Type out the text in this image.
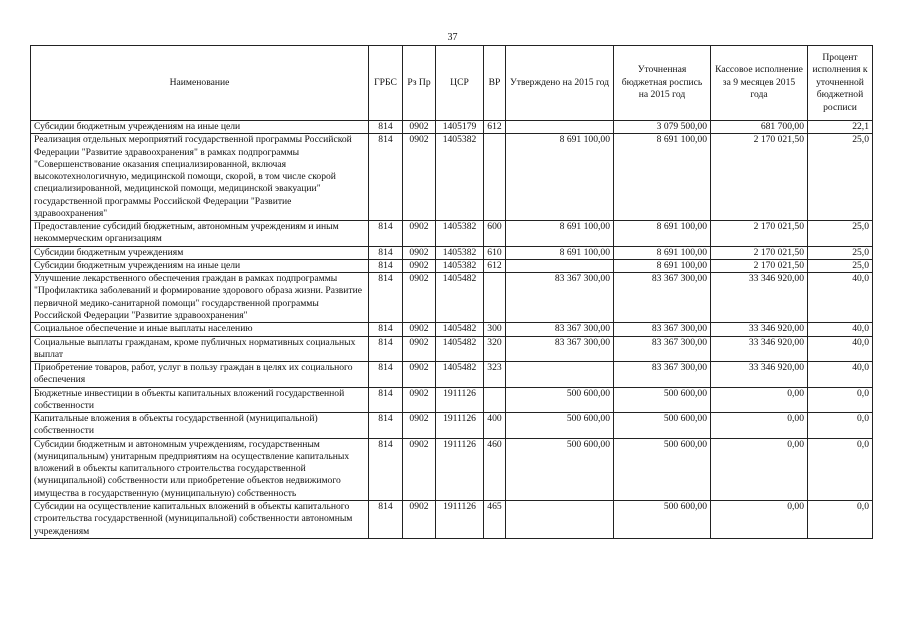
37
Наименование	ГРБС	Рз Пр	ЦСР	ВР	Утверждено на 2015 год	Уточненная бюджетная роспись на 2015 год	Кассовое исполнение за 9 месяцев 2015 года	Процент исполнения к уточненной бюджетной росписи
Субсидии бюджетным учреждениям на иные цели	814	0902	1405179	612		3 079 500,00	681 700,00	22,1
Реализация отдельных мероприятий государственной программы Российской Федерации "Развитие здравоохранения" в рамках подпрограммы "Совершенствование оказания специализированной, включая высокотехнологичную, медицинской помощи, скорой, в том числе скорой специализированной, медицинской помощи, медицинской эвакуации" государственной программы Российской Федерации "Развитие здравоохранения"	814	0902	1405382		8 691 100,00	8 691 100,00	2 170 021,50	25,0
Предоставление субсидий бюджетным, автономным учреждениям и иным некоммерческим организациям	814	0902	1405382	600	8 691 100,00	8 691 100,00	2 170 021,50	25,0
Субсидии бюджетным учреждениям	814	0902	1405382	610	8 691 100,00	8 691 100,00	2 170 021,50	25,0
Субсидии бюджетным учреждениям на иные цели	814	0902	1405382	612		8 691 100,00	2 170 021,50	25,0
Улучшение лекарственного обеспечения граждан в рамках подпрограммы "Профилактика заболеваний и формирование здорового образа жизни. Развитие первичной медико-санитарной помощи" государственной программы Российской Федерации "Развитие здравоохранения"	814	0902	1405482		83 367 300,00	83 367 300,00	33 346 920,00	40,0
Социальное обеспечение и иные выплаты населению	814	0902	1405482	300	83 367 300,00	83 367 300,00	33 346 920,00	40,0
Социальные выплаты гражданам, кроме публичных нормативных социальных выплат	814	0902	1405482	320	83 367 300,00	83 367 300,00	33 346 920,00	40,0
Приобретение товаров, работ, услуг в пользу граждан в целях их социального обеспечения	814	0902	1405482	323		83 367 300,00	33 346 920,00	40,0
Бюджетные инвестиции в объекты капитальных вложений государственной собственности	814	0902	1911126		500 600,00	500 600,00	0,00	0,0
Капитальные вложения в объекты государственной (муниципальной) собственности	814	0902	1911126	400	500 600,00	500 600,00	0,00	0,0
Субсидии бюджетным и автономным учреждениям, государственным (муниципальным) унитарным предприятиям на осуществление капитальных вложений в объекты капитального строительства государственной (муниципальной) собственности или приобретение объектов недвижимого имущества в государственную (муниципальную) собственность	814	0902	1911126	460	500 600,00	500 600,00	0,00	0,0
Субсидии на осуществление капитальных вложений в объекты капитального строительства государственной (муниципальной) собственности автономным учреждениям	814	0902	1911126	465		500 600,00	0,00	0,0
